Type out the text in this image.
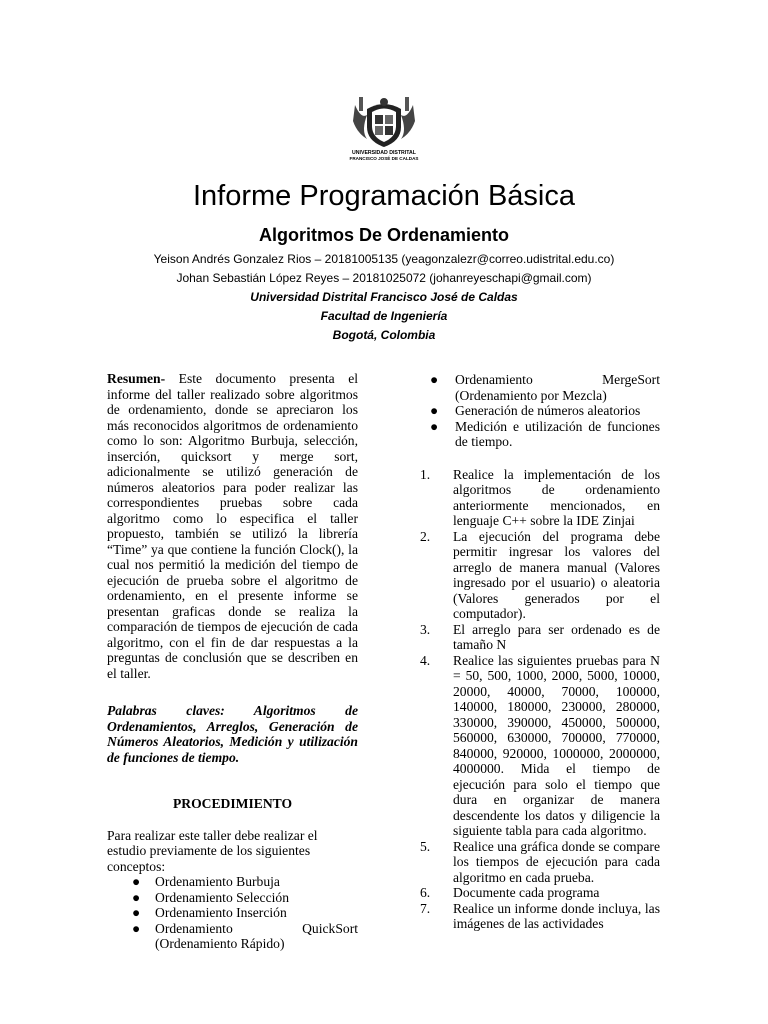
UNIVERSIDAD DISTRITAL
FRANCISCO JOSÉ DE CALDAS
Informe Programación Básica
Algoritmos De Ordenamiento
Yeison Andrés Gonzalez Rios – 20181005135 (yeagonzalezr@correo.udistrital.edu.co)
Johan Sebastián López Reyes – 20181025072 (johanreyeschapi@gmail.com)
Universidad Distrital Francisco José de Caldas
Facultad de Ingeniería
Bogotá, Colombia

Resumen- Este documento presenta el informe del taller realizado sobre algoritmos de ordenamiento, donde se apreciaron los más reconocidos algoritmos de ordenamiento como lo son: Algoritmo Burbuja, selección, inserción, quicksort y merge sort, adicionalmente se utilizó generación de números aleatorios para poder realizar las correspondientes pruebas sobre cada algoritmo como lo especifica el taller propuesto, también se utilizó la librería “Time” ya que contiene la función Clock(), la cual nos permitió la medición del tiempo de ejecución de prueba sobre el algoritmo de ordenamiento, en el presente informe se presentan graficas donde se realiza la comparación de tiempos de ejecución de cada algoritmo, con el fin de dar respuestas a la preguntas de conclusión que se describen en el taller.

Palabras claves: Algoritmos de Ordenamientos, Arreglos, Generación de Números Aleatorios, Medición y utilización de funciones de tiempo.

PROCEDIMIENTO

Para realizar este taller debe realizar el estudio previamente de los siguientes conceptos:

● Ordenamiento Burbuja
● Ordenamiento Selección
● Ordenamiento Inserción
● Ordenamiento QuickSort (Ordenamiento Rápido)
● Ordenamiento MergeSort (Ordenamiento por Mezcla)
● Generación de números aleatorios
● Medición e utilización de funciones de tiempo.
1. Realice la implementación de los algoritmos de ordenamiento anteriormente mencionados, en lenguaje C++ sobre la IDE Zinjai
2. La ejecución del programa debe permitir ingresar los valores del arreglo de manera manual (Valores ingresado por el usuario) o aleatoria (Valores generados por el computador).
3. El arreglo para ser ordenado es de tamaño N
4. Realice las siguientes pruebas para N = 50, 500, 1000, 2000, 5000, 10000, 20000, 40000, 70000, 100000, 140000, 180000, 230000, 280000, 330000, 390000, 450000, 500000, 560000, 630000, 700000, 770000, 840000, 920000, 1000000, 2000000, 4000000. Mida el tiempo de ejecución para solo el tiempo que dura en organizar de manera descendente los datos y diligencie la siguiente tabla para cada algoritmo.
5. Realice una gráfica donde se compare los tiempos de ejecución para cada algoritmo en cada prueba.
6. Documente cada programa
7. Realice un informe donde incluya, las imágenes de las actividades
